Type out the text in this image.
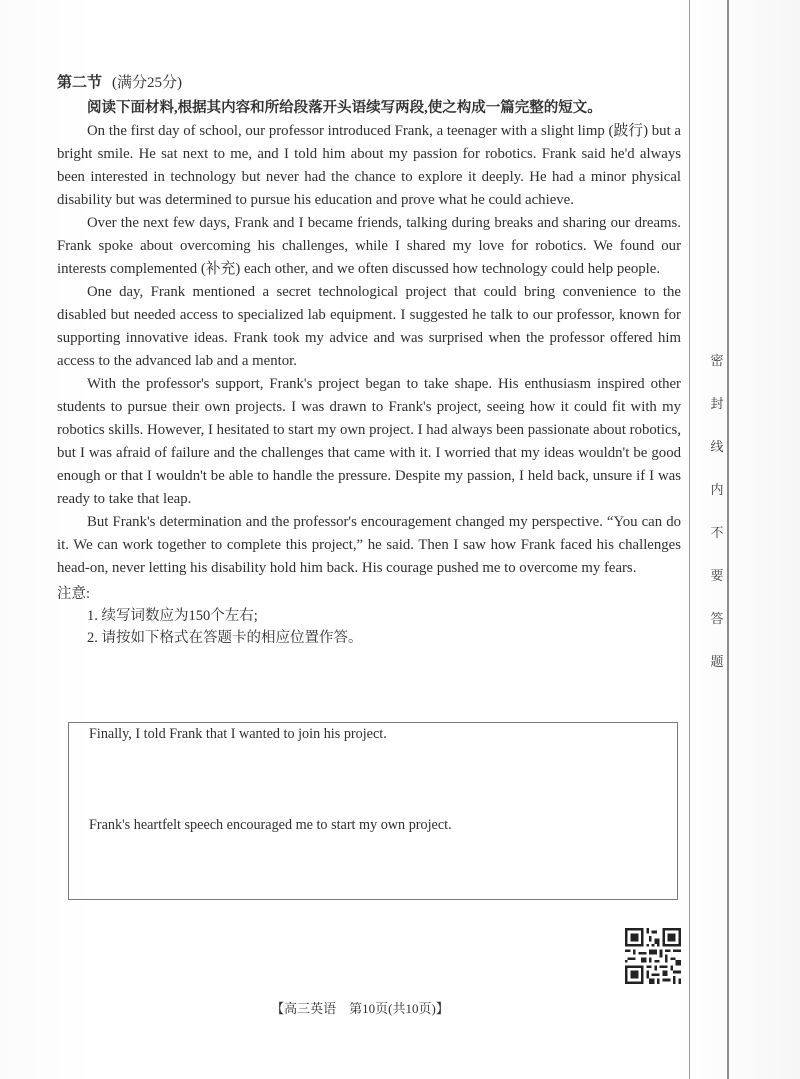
密
封
线
内
不
要
答
题
第二节 (满分25分)
阅读下面材料,根据其内容和所给段落开头语续写两段,使之构成一篇完整的短文。

On the first day of school, our professor introduced Frank, a teenager with a slight limp (跛行) but a bright smile. He sat next to me, and I told him about my passion for robotics. Frank said he'd always been interested in technology but never had the chance to explore it deeply. He had a minor physical disability but was determined to pursue his education and prove what he could achieve.

Over the next few days, Frank and I became friends, talking during breaks and sharing our dreams. Frank spoke about overcoming his challenges, while I shared my love for robotics. We found our interests complemented (补充) each other, and we often discussed how technology could help people.

One day, Frank mentioned a secret technological project that could bring convenience to the disabled but needed access to specialized lab equipment. I suggested he talk to our professor, known for supporting innovative ideas. Frank took my advice and was surprised when the professor offered him access to the advanced lab and a mentor.

With the professor's support, Frank's project began to take shape. His enthusiasm inspired other students to pursue their own projects. I was drawn to Frank's project, seeing how it could fit with my robotics skills. However, I hesitated to start my own project. I had always been passionate about robotics, but I was afraid of failure and the challenges that came with it. I worried that my ideas wouldn't be good enough or that I wouldn't be able to handle the pressure. Despite my passion, I held back, unsure if I was ready to take that leap.

But Frank's determination and the professor's encouragement changed my perspective. “You can do it. We can work together to complete this project,” he said. Then I saw how Frank faced his challenges head-on, never letting his disability hold him back. His courage pushed me to overcome my fears.

注意:
1. 续写词数应为150个左右;
2. 请按如下格式在答题卡的相应位置作答。
Finally, I told Frank that I wanted to join his project.
Frank's heartfelt speech encouraged me to start my own project.
【高三英语　第10页(共10页)】
